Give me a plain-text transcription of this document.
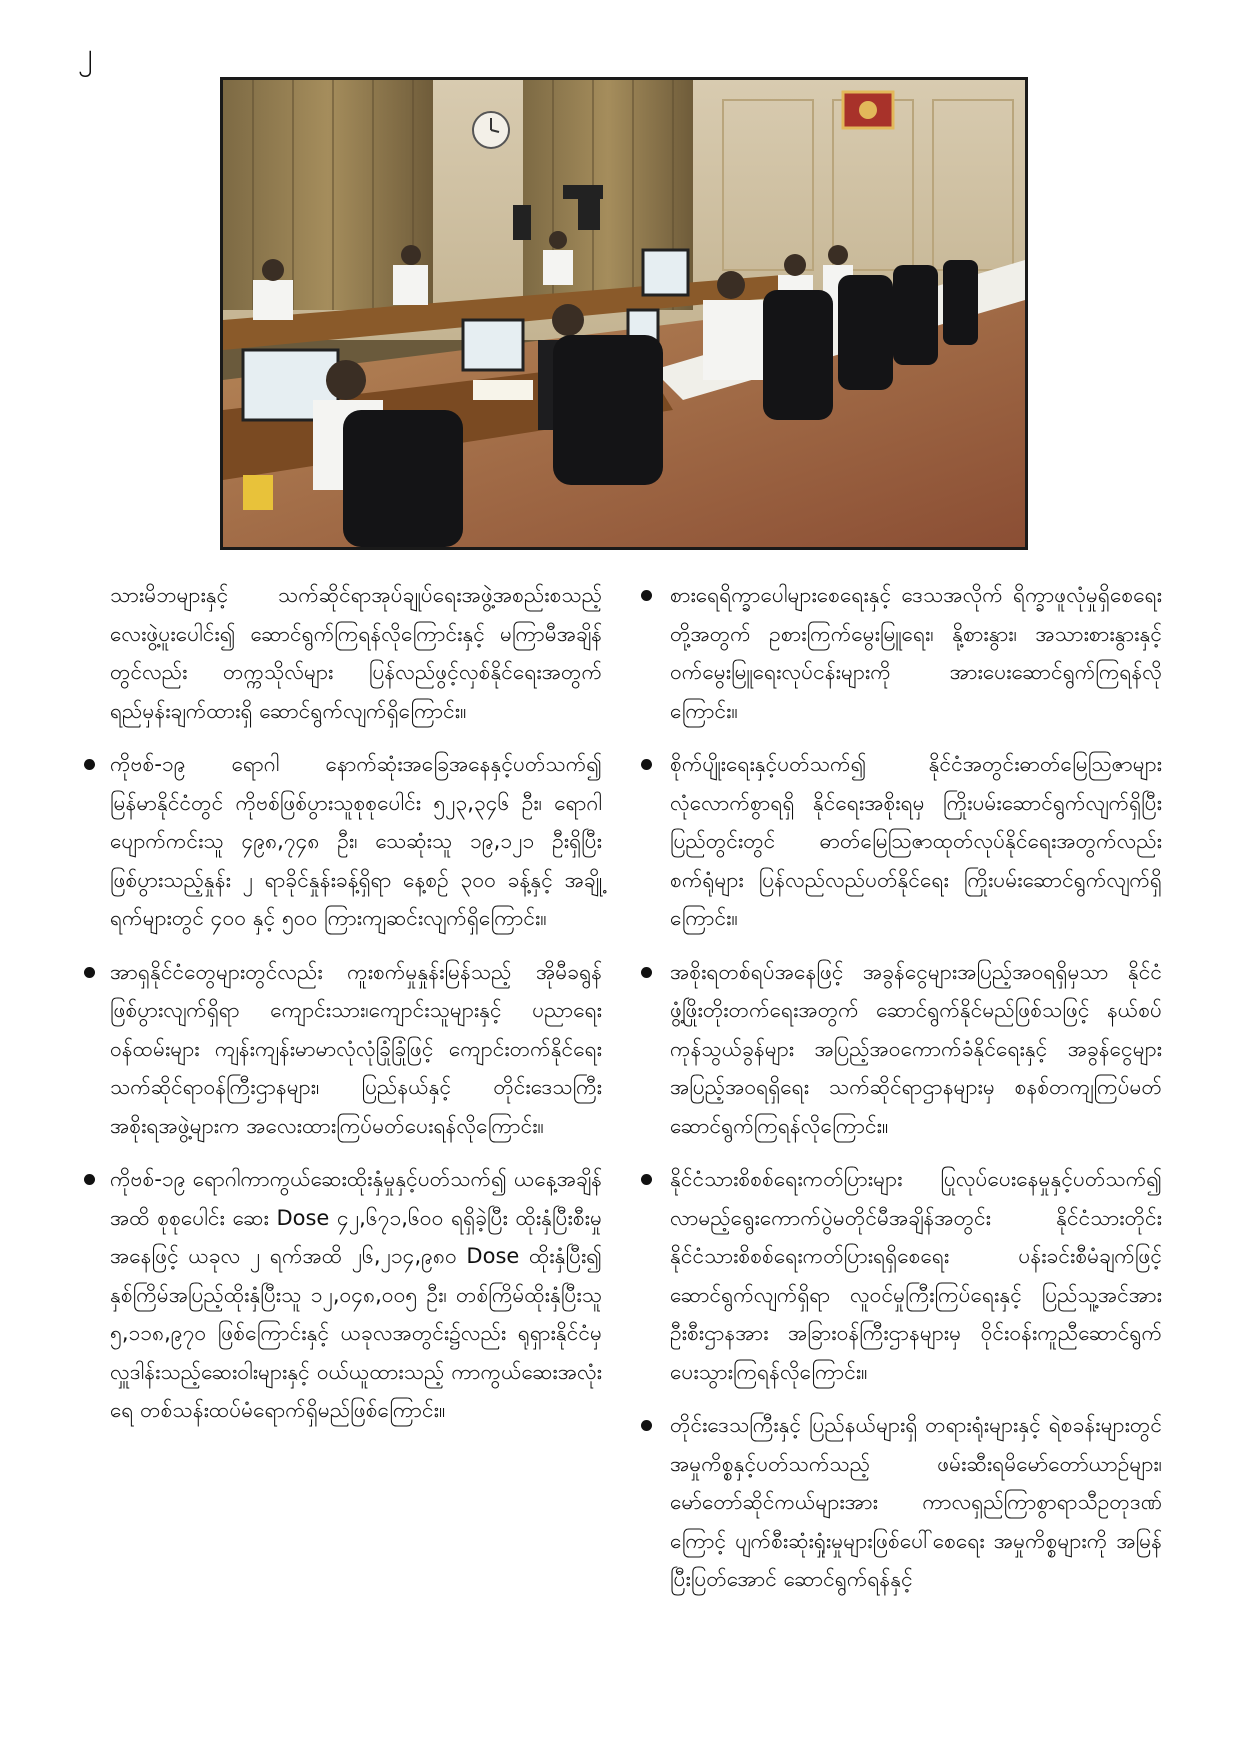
၂

သားမိဘများနှင့် သက်ဆိုင်ရာအုပ်ချုပ်ရေးအဖွဲ့အစည်းစသည့် လေးဖွဲ့ပူးပေါင်း၍ ဆောင်ရွက်ကြရန်လိုကြောင်းနှင့် မကြာမီအချိန်တွင်လည်း တက္ကသိုလ်များ ပြန်လည်ဖွင့်လှစ်နိုင်ရေးအတွက် ရည်မှန်းချက်ထားရှိ ဆောင်ရွက်လျက်ရှိကြောင်း။

ကိုဗစ်-၁၉ ရောဂါ နောက်ဆုံးအခြေအနေနှင့်ပတ်သက်၍ မြန်မာနိုင်ငံတွင် ကိုဗစ်ဖြစ်ပွားသူစုစုပေါင်း ၅၂၃,၃၄၆ ဦး၊ ရောဂါပျောက်ကင်းသူ ၄၉၈,၇၄၈ ဦး၊ သေဆုံးသူ ၁၉,၁၂၁ ဦးရှိပြီး ဖြစ်ပွားသည့်နှုန်း ၂ ရာခိုင်နှုန်းခန့်ရှိရာ နေ့စဉ် ၃၀၀ ခန့်နှင့် အချို့ရက်များတွင် ၄၀၀ နှင့် ၅၀၀ ကြားကျဆင်းလျက်ရှိကြောင်း။
အာရှနိုင်ငံတွေများတွင်လည်း ကူးစက်မှုနှုန်းမြန်သည့် အိုမီခရွန် ဖြစ်ပွားလျက်ရှိရာ ကျောင်းသား၊ကျောင်းသူများနှင့် ပညာရေးဝန်ထမ်းများ ကျန်းကျန်းမာမာလုံလုံခြုံခြုံဖြင့် ကျောင်းတက်နိုင်ရေး သက်ဆိုင်ရာဝန်ကြီးဌာနများ၊ ပြည်နယ်နှင့် တိုင်းဒေသကြီးအစိုးရအဖွဲ့များက အလေးထားကြပ်မတ်ပေးရန်လိုကြောင်း။
ကိုဗစ်-၁၉ ရောဂါကာကွယ်ဆေးထိုးနှံမှုနှင့်ပတ်သက်၍ ယနေ့အချိန်အထိ စုစုပေါင်း ဆေး Dose ၄၂,၆၇၁,၆၀၀ ရရှိခဲ့ပြီး ထိုးနှံပြီးစီးမှုအနေဖြင့် ယခုလ ၂ ရက်အထိ ၂၆,၂၁၄,၉၈၀ Dose ထိုးနှံပြီး၍ နှစ်ကြိမ်အပြည့်ထိုးနှံပြီးသူ ၁၂,၀၄၈,၀၀၅ ဦး၊ တစ်ကြိမ်ထိုးနှံပြီးသူ ၅,၁၁၈,၉၇၀ ဖြစ်ကြောင်းနှင့် ယခုလအတွင်း၌လည်း ရုရှားနိုင်ငံမှ လှူဒါန်းသည့်ဆေးဝါးများနှင့် ဝယ်ယူထားသည့် ကာကွယ်ဆေးအလုံးရေ တစ်သန်းထပ်မံရောက်ရှိမည်ဖြစ်ကြောင်း။
စားရေရိက္ခာပေါများစေရေးနှင့် ဒေသအလိုက် ရိက္ခာဖူလုံမှုရှိစေရေးတို့အတွက် ဥစားကြက်မွေးမြူရေး၊ နို့စားနွား၊ အသားစားနွားနှင့် ဝက်မွေးမြူရေးလုပ်ငန်းများကို အားပေးဆောင်ရွက်ကြရန်လိုကြောင်း။
စိုက်ပျိုးရေးနှင့်ပတ်သက်၍ နိုင်ငံအတွင်းဓာတ်မြေဩဇာများလုံလောက်စွာရရှိ နိုင်ရေးအစိုးရမှ ကြိုးပမ်းဆောင်ရွက်လျက်ရှိပြီး ပြည်တွင်းတွင် ဓာတ်မြေဩဇာထုတ်လုပ်နိုင်ရေးအတွက်လည်း စက်ရုံများ ပြန်လည်လည်ပတ်နိုင်ရေး ကြိုးပမ်းဆောင်ရွက်လျက်ရှိကြောင်း။
အစိုးရတစ်ရပ်အနေဖြင့် အခွန်ငွေများအပြည့်အဝရရှိမှသာ နိုင်ငံဖွံ့ဖြိုးတိုးတက်ရေးအတွက် ဆောင်ရွက်နိုင်မည်ဖြစ်သဖြင့် နယ်စပ်ကုန်သွယ်ခွန်များ အပြည့်အဝကောက်ခံနိုင်ရေးနှင့် အခွန်ငွေများအပြည့်အဝရရှိရေး သက်ဆိုင်ရာဌာနများမှ စနစ်တကျကြပ်မတ်ဆောင်ရွက်ကြရန်လိုကြောင်း။
နိုင်ငံသားစိစစ်ရေးကတ်ပြားများ ပြုလုပ်ပေးနေမှုနှင့်ပတ်သက်၍ လာမည့်ရွေးကောက်ပွဲမတိုင်မီအချိန်အတွင်း နိုင်ငံသားတိုင်း နိုင်ငံသားစိစစ်ရေးကတ်ပြားရရှိစေရေး ပန်းခင်းစီမံချက်ဖြင့် ဆောင်ရွက်လျက်ရှိရာ လူဝင်မှုကြီးကြပ်ရေးနှင့် ပြည်သူ့အင်အားဦးစီးဌာနအား အခြားဝန်ကြီးဌာနများမှ ဝိုင်းဝန်းကူညီဆောင်ရွက်ပေးသွားကြရန်လိုကြောင်း။
တိုင်းဒေသကြီးနှင့် ပြည်နယ်များရှိ တရားရုံးများနှင့် ရဲစခန်းများတွင် အမှုကိစ္စနှင့်ပတ်သက်သည့် ဖမ်းဆီးရမိမော်တော်ယာဉ်များ၊ မော်တော်ဆိုင်ကယ်များအား ကာလရှည်ကြာစွာရာသီဥတုဒဏ်ကြောင့် ပျက်စီးဆုံးရှုံးမှုများဖြစ်ပေါ်စေရေး အမှုကိစ္စများကို အမြန်ပြီးပြတ်အောင် ဆောင်ရွက်ရန်နှင့်
